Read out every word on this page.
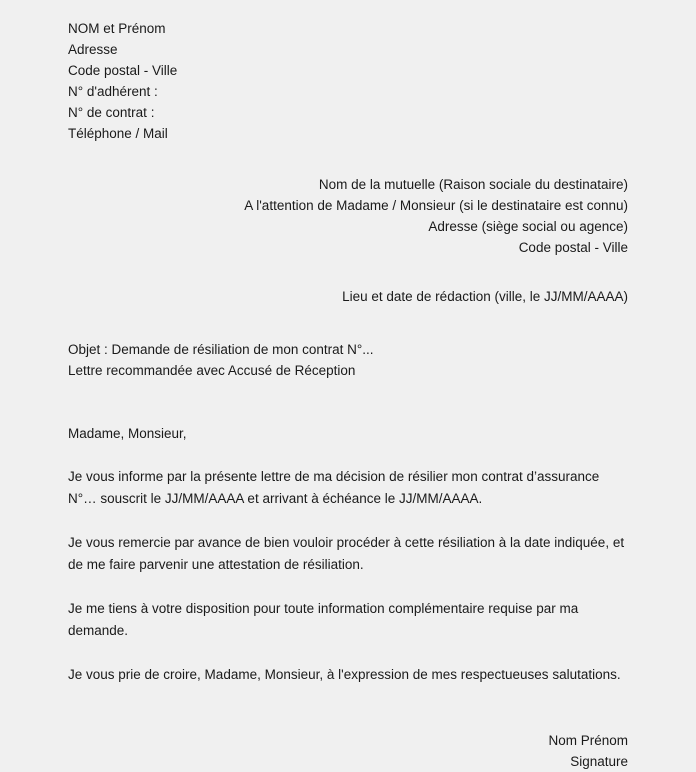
NOM et Prénom
Adresse
Code postal - Ville
N° d'adhérent :
N° de contrat :
Téléphone / Mail
Nom de la mutuelle (Raison sociale du destinataire)
A l'attention de Madame / Monsieur (si le destinataire est connu)
Adresse (siège social ou agence)
Code postal - Ville
Lieu et date de rédaction (ville, le JJ/MM/AAAA)
Objet : Demande de résiliation de mon contrat N°...
Lettre recommandée avec Accusé de Réception
Madame, Monsieur,
Je vous informe par la présente lettre de ma décision de résilier mon contrat d’assurance N°… souscrit le JJ/MM/AAAA et arrivant à échéance le JJ/MM/AAAA.
Je vous remercie par avance de bien vouloir procéder à cette résiliation à la date indiquée, et de me faire parvenir une attestation de résiliation.
Je me tiens à votre disposition pour toute information complémentaire requise par ma demande.
Je vous prie de croire, Madame, Monsieur, à l'expression de mes respectueuses salutations.
Nom Prénom
Signature
